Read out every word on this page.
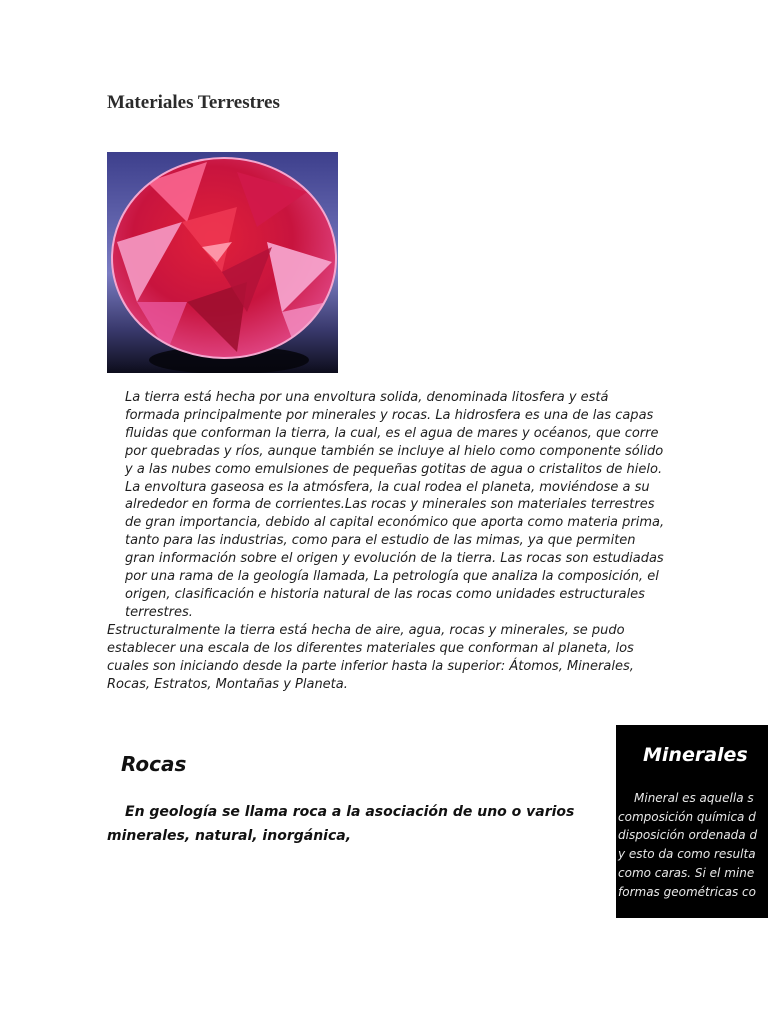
Materiales Terrestres

La tierra está hecha por una envoltura solida, denominada litosfera y está formada principalmente por minerales y rocas. La hidrosfera es una de las capas fluidas que conforman la tierra, la cual, es el agua de mares y océanos, que corre por quebradas y ríos, aunque también se incluye al hielo como componente sólido y a las nubes como emulsiones de pequeñas gotitas de agua o cristalitos de hielo. La envoltura gaseosa es la atmósfera, la cual rodea el planeta, moviéndose a su alrededor en forma de corrientes.Las rocas y minerales son materiales terrestres de gran importancia, debido al capital económico que aporta como materia prima, tanto para las industrias, como para el estudio de las mimas, ya que permiten gran información sobre el origen y evolución de la tierra. Las rocas son estudiadas por una rama de la geología llamada, La petrología que analiza la composición, el origen, clasificación e historia natural de las rocas como unidades estructurales terrestres.

Estructuralmente la tierra está hecha de aire, agua, rocas y minerales, se pudo establecer una escala de los diferentes materiales que conforman al planeta, los cuales son iniciando desde la parte inferior hasta la superior: Átomos, Minerales, Rocas, Estratos, Montañas y Planeta.

Rocas

En geología se llama roca a la asociación de uno o varios minerales, natural, inorgánica,

Minerales
Mineral es aquella s
composición química d
disposición ordenada d
y esto da como resulta
como caras. Si el mine
formas geométricas co
